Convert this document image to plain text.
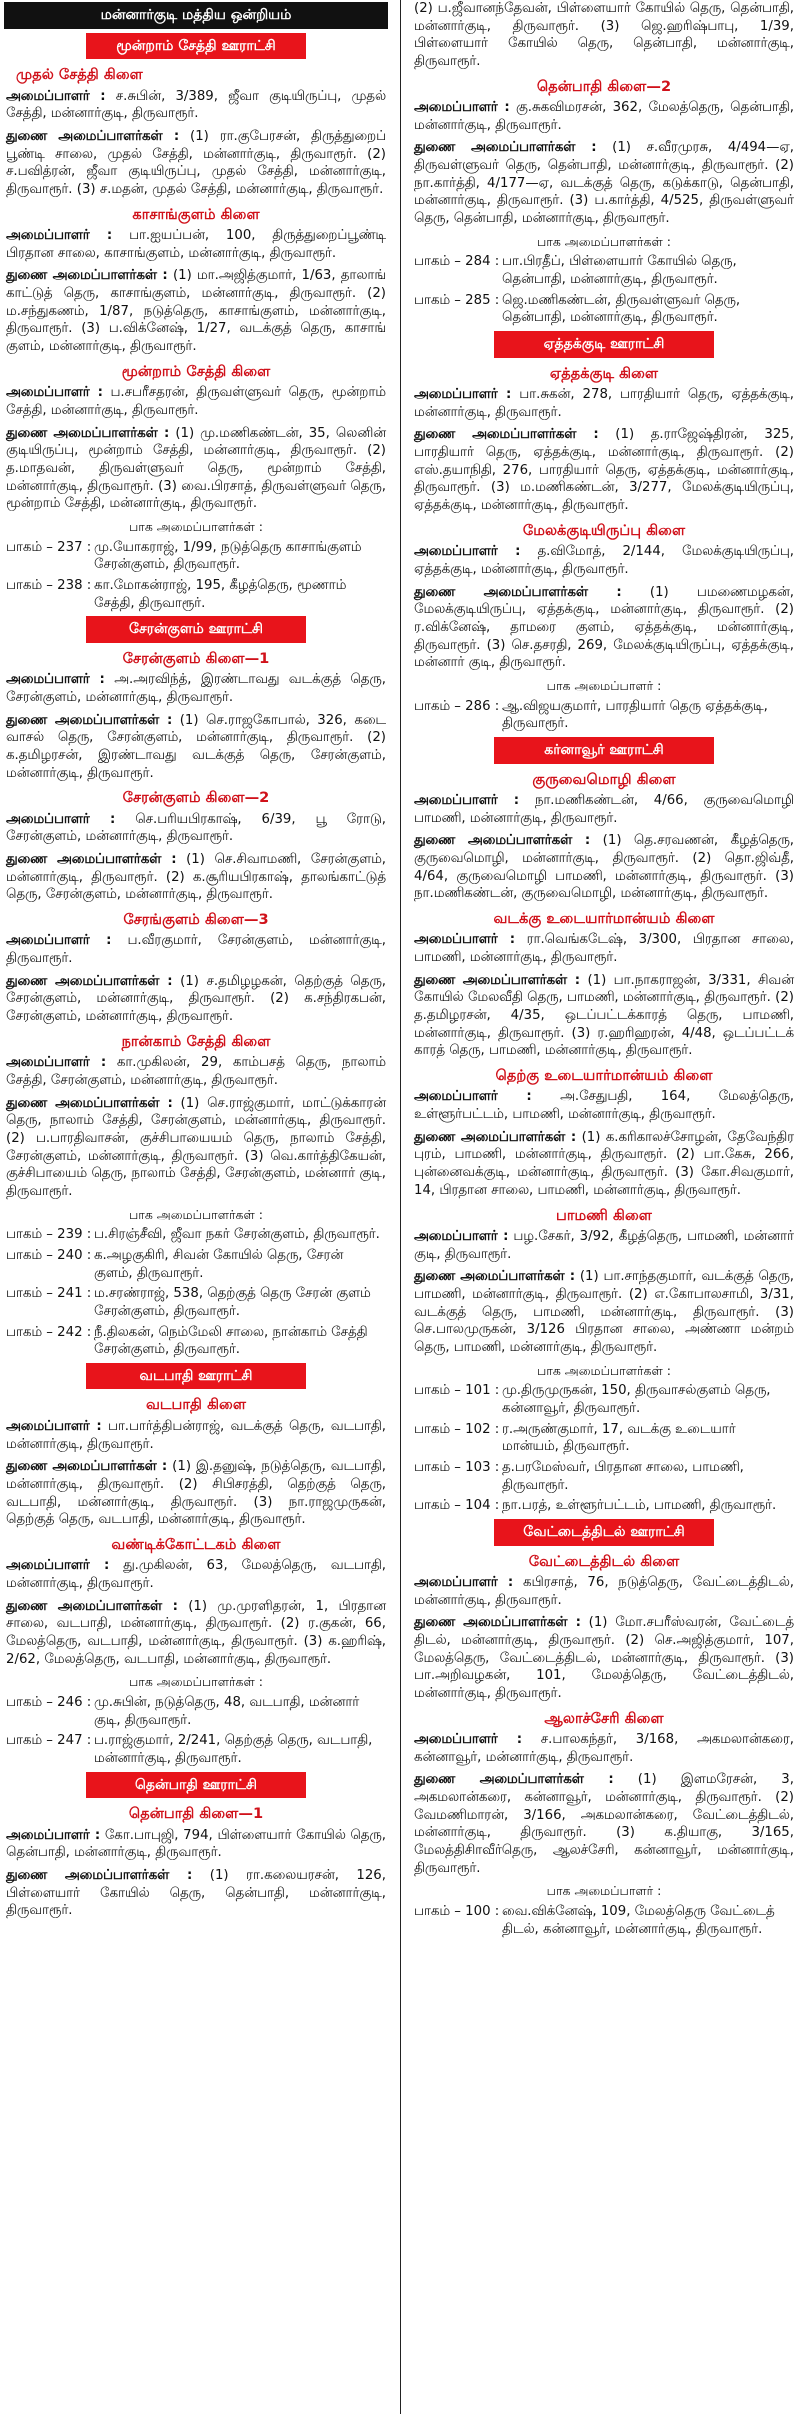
மன்னார்குடி மத்திய ஒன்றியம்
மூன்றாம் சேத்தி ஊராட்சி
முதல் சேத்தி கிளை

அமைப்பாளர் : ச.சுபின், 3/389, ஜீவா குடியிருப்பு, முதல் சேத்தி, மன்னார்குடி, திருவாரூர்.

துணை அமைப்பாளர்கள் : (1) ரா.குபேரசன், திருத்துறைப் பூண்டி சாலை, முதல் சேத்தி, மன்னார்குடி, திருவாரூர். (2) ச.பவித்ரன், ஜீவா குடியிருப்பு, முதல் சேத்தி, மன்னார்குடி, திருவாரூர். (3) ச.மதன், முதல் சேத்தி, மன்னார்குடி, திருவாரூர்.

காசாங்குளம் கிளை

அமைப்பாளர் : பா.ஐயப்பன், 100, திருத்துறைப்பூண்டி பிரதான சாலை, காசாங்குளம், மன்னார்குடி, திருவாரூர்.

துணை அமைப்பாளர்கள் : (1) மா.அஜித்குமார், 1/63, தாலாங் காட்டுத் தெரு, காசாங்குளம், மன்னார்குடி, திருவாரூர். (2) ம.சந்துகணம், 1/87, நடுத்தெரு, காசாங்குளம், மன்னார்குடி, திருவாரூர். (3) ப.விக்னேஷ், 1/27, வடக்குத் தெரு, காசாங் குளம், மன்னார்குடி, திருவாரூர்.

மூன்றாம் சேத்தி கிளை

அமைப்பாளர் : ப.சபரீசதரன், திருவள்ளுவர் தெரு, மூன்றாம் சேத்தி, மன்னார்குடி, திருவாரூர்.

துணை அமைப்பாளர்கள் : (1) மு.மணிகண்டன், 35, லெனின் குடியிருப்பு, மூன்றாம் சேத்தி, மன்னார்குடி, திருவாரூர். (2) த.மாதவன், திருவள்ளுவர் தெரு, மூன்றாம் சேத்தி, மன்னார்குடி, திருவாரூர். (3) வை.பிரசாத், திருவள்ளுவர் தெரு, மூன்றாம் சேத்தி, மன்னார்குடி, திருவாரூர்.

பாக அமைப்பாளர்கள் :
பாகம் – 237 : மு.யோகராஜ், 1/99, நடுத்தெரு காசாங்குளம் சேரன்குளம், திருவாரூர்.
பாகம் – 238 : கா.மோகன்ராஜ், 195, கீழத்தெரு, மூணாம் சேத்தி, திருவாரூர்.
சேரன்குளம் ஊராட்சி
சேரன்குளம் கிளை—1

அமைப்பாளர் : அ.அரவிந்த், இரண்டாவது வடக்குத் தெரு, சேரன்குளம், மன்னார்குடி, திருவாரூர்.

துணை அமைப்பாளர்கள் : (1) செ.ராஜகோபால், 326, கடை வாசல் தெரு, சேரன்குளம், மன்னார்குடி, திருவாரூர். (2) க.தமிழரசன், இரண்டாவது வடக்குத் தெரு, சேரன்குளம், மன்னார்குடி, திருவாரூர்.

சேரன்குளம் கிளை—2

அமைப்பாளர் : செ.பரியபிரகாஷ், 6/39, பூ ரோடு, சேரன்குளம், மன்னார்குடி, திருவாரூர்.

துணை அமைப்பாளர்கள் : (1) செ.சிவாமணி, சேரன்குளம், மன்னார்குடி, திருவாரூர். (2) க.சூரியபிரகாஷ், தாலங்காட்டுத் தெரு, சேரன்குளம், மன்னார்குடி, திருவாரூர்.

சேரங்குளம் கிளை—3

அமைப்பாளர் : ப.வீரகுமார், சேரன்குளம், மன்னார்குடி, திருவாரூர்.

துணை அமைப்பாளர்கள் : (1) ச.தமிழழகன், தெற்குத் தெரு, சேரன்குளம், மன்னார்குடி, திருவாரூர். (2) க.சந்திரகபன், சேரன்குளம், மன்னார்குடி, திருவாரூர்.

நான்காம் சேத்தி கிளை

அமைப்பாளர் : கா.முகிலன், 29, காம்பசத் தெரு, நாலாம் சேத்தி, சேரன்குளம், மன்னார்குடி, திருவாரூர்.

துணை அமைப்பாளர்கள் : (1) செ.ராஜ்குமார், மாட்டுக்காரன் தெரு, நாலாம் சேத்தி, சேரன்குளம், மன்னார்குடி, திருவாரூர். (2) ப.பாரதிவாசன், குச்சிபாயையம் தெரு, நாலாம் சேத்தி, சேரன்குளம், மன்னார்குடி, திருவாரூர். (3) வெ.கார்த்திகேயன், குச்சிபாயைம் தெரு, நாலாம் சேத்தி, சேரன்குளம், மன்னார் குடி, திருவாரூர்.

பாக அமைப்பாளர்கள் :
பாகம் – 239 : ப.சிரஞ்சீவி, ஜீவா நகர் சேரன்குளம், திருவாரூர்.
பாகம் – 240 : க.அழகுகிரி, சிவன் கோயில் தெரு, சேரன் குளம், திருவாரூர்.
பாகம் – 241 : ம.சரண்ராஜ், 538, தெற்குத் தெரு சேரன் குளம் சேரன்குளம், திருவாரூர்.
பாகம் – 242 : நீ.திலகன், நெம்மேலி சாலை, நான்காம் சேத்தி சேரன்குளம், திருவாரூர்.
வடபாதி ஊராட்சி
வடபாதி கிளை

அமைப்பாளர் : பா.பார்த்திபன்ராஜ், வடக்குத் தெரு, வடபாதி, மன்னார்குடி, திருவாரூர்.

துணை அமைப்பாளர்கள் : (1) இ.தனுஷ், நடுத்தெரு, வடபாதி, மன்னார்குடி, திருவாரூர். (2) சிபிசரத்தி, தெற்குத் தெரு, வடபாதி, மன்னார்குடி, திருவாரூர். (3) நா.ராஜமுருகன், தெற்குத் தெரு, வடபாதி, மன்னார்குடி, திருவாரூர்.

வண்டிக்கோட்டகம் கிளை

அமைப்பாளர் : து.முகிலன், 63, மேலத்தெரு, வடபாதி, மன்னார்குடி, திருவாரூர்.

துணை அமைப்பாளர்கள் : (1) மு.முரளிதரன், 1, பிரதான சாலை, வடபாதி, மன்னார்குடி, திருவாரூர். (2) ர.குகன், 66, மேலத்தெரு, வடபாதி, மன்னார்குடி, திருவாரூர். (3) க.ஹரிஷ், 2/62, மேலத்தெரு, வடபாதி, மன்னார்குடி, திருவாரூர்.

பாக அமைப்பாளர்கள் :
பாகம் – 246 : மு.சுபின், நடுத்தெரு, 48, வடபாதி, மன்னார் குடி, திருவாரூர்.
பாகம் – 247 : ப.ராஜ்குமார், 2/241, தெற்குத் தெரு, வடபாதி, மன்னார்குடி, திருவாரூர்.
தென்பாதி ஊராட்சி
தென்பாதி கிளை—1

அமைப்பாளர் : கோ.பாபுஜி, 794, பிள்ளையார் கோயில் தெரு, தென்பாதி, மன்னார்குடி, திருவாரூர்.

துணை அமைப்பாளர்கள் : (1) ரா.கலையரசன், 126, பிள்ளையார் கோயில் தெரு, தென்பாதி, மன்னார்குடி, திருவாரூர்.

(2) ப.ஜீவானந்தேவன், பிள்ளையார் கோயில் தெரு, தென்பாதி, மன்னார்குடி, திருவாரூர். (3) ஜெ.ஹரிஷ்பாபு, 1/39, பிள்ளையார் கோயில் தெரு, தென்பாதி, மன்னார்குடி, திருவாரூர்.

தென்பாதி கிளை—2

அமைப்பாளர் : கு.சுகவிமரசன், 362, மேலத்தெரு, தென்பாதி, மன்னார்குடி, திருவாரூர்.

துணை அமைப்பாளர்கள் : (1) ச.வீரமுரசு, 4/494—ஏ, திருவள்ளுவர் தெரு, தென்பாதி, மன்னார்குடி, திருவாரூர். (2) நா.கார்த்தி, 4/177—ஏ, வடக்குத் தெரு, கடுக்காடு, தென்பாதி, மன்னார்குடி, திருவாரூர். (3) ப.கார்த்தி, 4/525, திருவள்ளுவர் தெரு, தென்பாதி, மன்னார்குடி, திருவாரூர்.

பாக அமைப்பாளர்கள் :
பாகம் – 284 : பா.பிரதீப், பிள்ளையார் கோயில் தெரு, தென்பாதி, மன்னார்குடி, திருவாரூர்.
பாகம் – 285 : ஜெ.மணிகண்டன், திருவள்ளுவர் தெரு, தென்பாதி, மன்னார்குடி, திருவாரூர்.
ஏத்தக்குடி ஊராட்சி
ஏத்தக்குடி கிளை

அமைப்பாளர் : பா.சுகன், 278, பாரதியார் தெரு, ஏத்தக்குடி, மன்னார்குடி, திருவாரூர்.

துணை அமைப்பாளர்கள் : (1) த.ராஜேஷ்திரன், 325, பாரதியார் தெரு, ஏத்தக்குடி, மன்னார்குடி, திருவாரூர். (2) எஸ்.தயாநிதி, 276, பாரதியார் தெரு, ஏத்தக்குடி, மன்னார்குடி, திருவாரூர். (3) ம.மணிகண்டன், 3/277, மேலக்குடியிருப்பு, ஏத்தக்குடி, மன்னார்குடி, திருவாரூர்.

மேலக்குடியிருப்பு கிளை

அமைப்பாளர் : த.விமோத், 2/144, மேலக்குடியிருப்பு, ஏத்தக்குடி, மன்னார்குடி, திருவாரூர்.

துணை அமைப்பாளர்கள் : (1) பமணைமழகன், மேலக்குடியிருப்பு, ஏத்தக்குடி, மன்னார்குடி, திருவாரூர். (2) ர.விக்னேஷ், தாமரை குளம், ஏத்தக்குடி, மன்னார்குடி, திருவாரூர். (3) செ.தசரதி, 269, மேலக்குடியிருப்பு, ஏத்தக்குடி, மன்னார் குடி, திருவாரூர்.

பாக அமைப்பாளர் :
பாகம் – 286 : ஆ.விஜயகுமார், பாரதியார் தெரு ஏத்தக்குடி, திருவாரூர்.
கர்னாவூர் ஊராட்சி
குருவைமொழி கிளை

அமைப்பாளர் : நா.மணிகண்டன், 4/66, குருவைமொழி பாமணி, மன்னார்குடி, திருவாரூர்.

துணை அமைப்பாளர்கள் : (1) தெ.சரவணன், கீழத்தெரு, குருவைமொழி, மன்னார்குடி, திருவாரூர். (2) தொ.ஜிவ்தீ, 4/64, குருவைமொழி பாமணி, மன்னார்குடி, திருவாரூர். (3) நா.மணிகண்டன், குருவைமொழி, மன்னார்குடி, திருவாரூர்.

வடக்கு உடையார்மான்யம் கிளை

அமைப்பாளர் : ரா.வெங்கடேஷ், 3/300, பிரதான சாலை, பாமணி, மன்னார்குடி, திருவாரூர்.

துணை அமைப்பாளர்கள் : (1) பா.நாகராஜன், 3/331, சிவன் கோயில் மேலவீதி தெரு, பாமணி, மன்னார்குடி, திருவாரூர். (2) த.தமிழரசன், 4/35, ஒடப்பட்டக்காரத் தெரு, பாமணி, மன்னார்குடி, திருவாரூர். (3) ர.ஹரிஹரன், 4/48, ஒடப்பட்டக் காரத் தெரு, பாமணி, மன்னார்குடி, திருவாரூர்.

தெற்கு உடையார்மான்யம் கிளை

அமைப்பாளர் : அ.சேதுபதி, 164, மேலத்தெரு, உள்ளூர்பட்டம், பாமணி, மன்னார்குடி, திருவாரூர்.

துணை அமைப்பாளர்கள் : (1) க.கரிகாலச்சோழன், தேவேந்திர புரம், பாமணி, மன்னார்குடி, திருவாரூர். (2) பா.கேசு, 266, புன்னைவக்குடி, மன்னார்குடி, திருவாரூர். (3) கோ.சிவகுமார், 14, பிரதான சாலை, பாமணி, மன்னார்குடி, திருவாரூர்.

பாமணி கிளை

அமைப்பாளர் : பழ.சேகர், 3/92, கீழத்தெரு, பாமணி, மன்னார் குடி, திருவாரூர்.

துணை அமைப்பாளர்கள் : (1) பா.சாந்தகுமார், வடக்குத் தெரு, பாமணி, மன்னார்குடி, திருவாரூர். (2) எ.கோபாலசாமி, 3/31, வடக்குத் தெரு, பாமணி, மன்னார்குடி, திருவாரூர். (3) செ.பாலமுருகன், 3/126 பிரதான சாலை, அண்ணா மன்றம் தெரு, பாமணி, மன்னார்குடி, திருவாரூர்.

பாக அமைப்பாளர்கள் :
பாகம் – 101 : மு.திருமுருகன், 150, திருவாசல்குளம் தெரு, கன்னாவூர், திருவாரூர்.
பாகம் – 102 : ர.அருண்குமார், 17, வடக்கு உடையார் மான்யம், திருவாரூர்.
பாகம் – 103 : த.பரமேஸ்வர், பிரதான சாலை, பாமணி, திருவாரூர்.
பாகம் – 104 : நா.பரத், உள்ளூர்பட்டம், பாமணி, திருவாரூர்.
வேட்டைத்திடல் ஊராட்சி
வேட்டைத்திடல் கிளை

அமைப்பாளர் : கபிரசாத், 76, நடுத்தெரு, வேட்டைத்திடல், மன்னார்குடி, திருவாரூர்.

துணை அமைப்பாளர்கள் : (1) மோ.சபரீஸ்வரன், வேட்டைத் திடல், மன்னார்குடி, திருவாரூர். (2) செ.அஜித்குமார், 107, மேலத்தெரு, வேட்டைத்திடல், மன்னார்குடி, திருவாரூர். (3) பா.அறிவழகன், 101, மேலத்தெரு, வேட்டைத்திடல், மன்னார்குடி, திருவாரூர்.

ஆலாச்சேரி கிளை

அமைப்பாளர் : ச.பாலகந்தர், 3/168, அகமலான்கரை, கன்னாவூர், மன்னார்குடி, திருவாரூர்.

துணை அமைப்பாளர்கள் : (1) இளமரேசன், 3, அகமலான்கரை, கன்னாவூர், மன்னார்குடி, திருவாரூர். (2) வேமணிமாரன், 3/166, அகமலான்கரை, வேட்டைத்திடல், மன்னார்குடி, திருவாரூர். (3) க.தியாகு, 3/165, மேலத்திசிாவீர்தெரு, ஆலச்சேரி, கன்னாவூர், மன்னார்குடி, திருவாரூர்.

பாக அமைப்பாளர் :
பாகம் – 100 : வை.விக்னேஷ், 109, மேலத்தெரு வேட்டைத் திடல், கன்னாவூர், மன்னார்குடி, திருவாரூர்.
